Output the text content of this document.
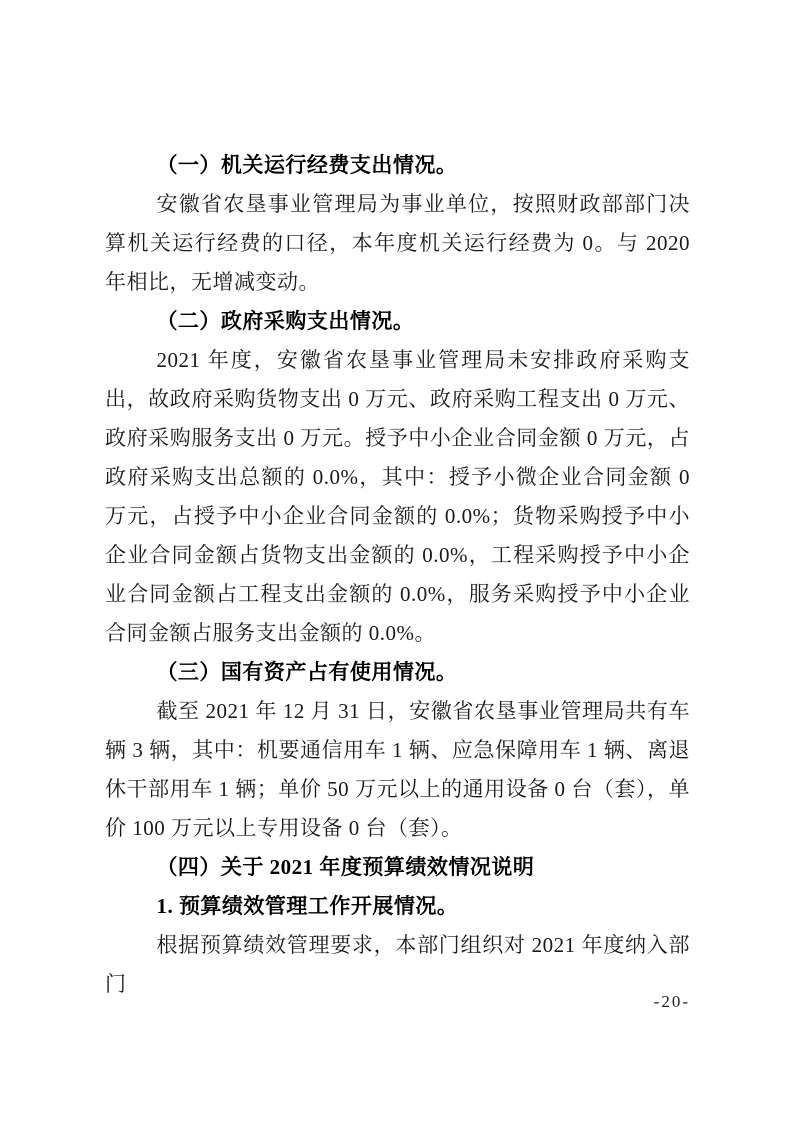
（一）机关运行经费支出情况。

安徽省农垦事业管理局为事业单位，按照财政部部门决算机关运行经费的口径，本年度机关运行经费为 0。与 2020 年相比，无增减变动。

（二）政府采购支出情况。

2021 年度，安徽省农垦事业管理局未安排政府采购支出，故政府采购货物支出 0 万元、政府采购工程支出 0 万元、政府采购服务支出 0 万元。授予中小企业合同金额 0 万元，占政府采购支出总额的 0.0%，其中：授予小微企业合同金额 0 万元，占授予中小企业合同金额的 0.0%；货物采购授予中小企业合同金额占货物支出金额的 0.0%，工程采购授予中小企业合同金额占工程支出金额的 0.0%，服务采购授予中小企业合同金额占服务支出金额的 0.0%。

（三）国有资产占有使用情况。

截至 2021 年 12 月 31 日，安徽省农垦事业管理局共有车辆 3 辆，其中：机要通信用车 1 辆、应急保障用车 1 辆、离退休干部用车 1 辆；单价 50 万元以上的通用设备 0 台（套），单价 100 万元以上专用设备 0 台（套）。

（四）关于 2021 年度预算绩效情况说明
1. 预算绩效管理工作开展情况。

根据预算绩效管理要求，本部门组织对 2021 年度纳入部门

-20-
